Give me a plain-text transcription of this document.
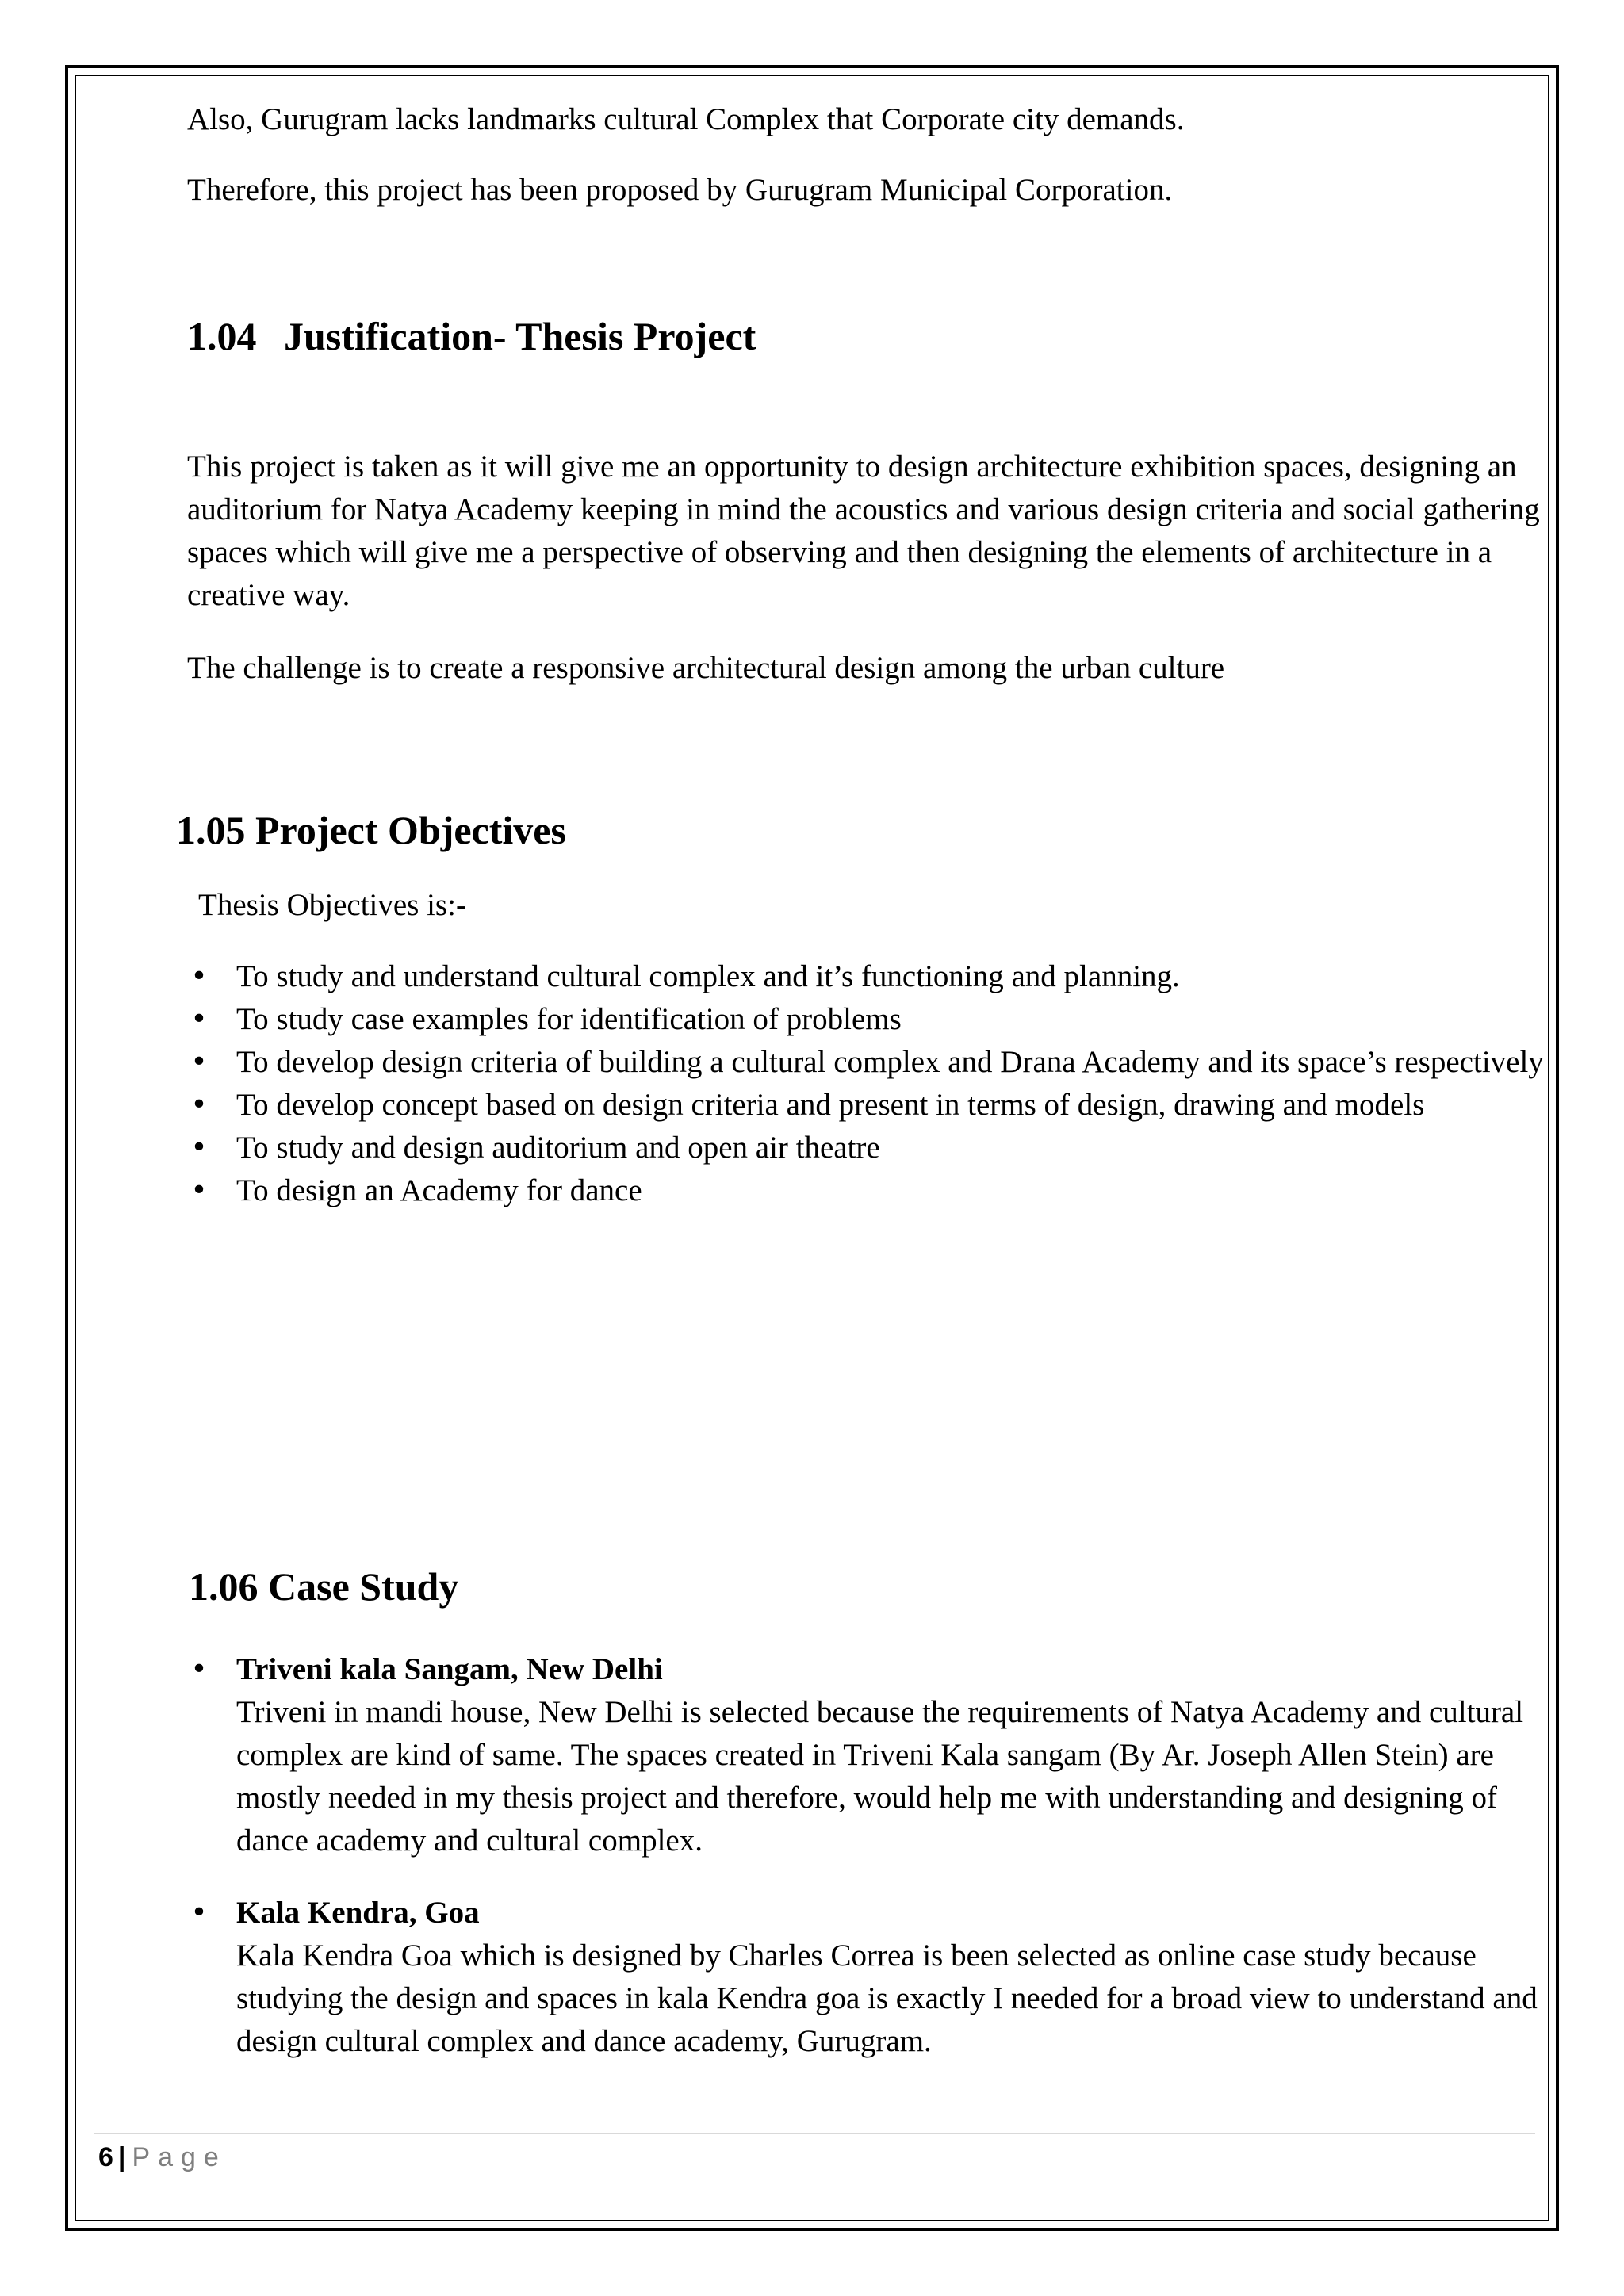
Also, Gurugram lacks landmarks cultural Complex that Corporate city demands.

Therefore, this project has been proposed by Gurugram Municipal Corporation.

1.04 Justification- Thesis Project

This project is taken as it will give me an opportunity to design architecture exhibition spaces, designing an auditorium for Natya Academy keeping in mind the acoustics and various design criteria and social gathering spaces which will give me a perspective of observing and then designing the elements of architecture in a creative way.

The challenge is to create a responsive architectural design among the urban culture

1.05 Project Objectives

Thesis Objectives is:-

• To study and understand cultural complex and it’s functioning and planning.
• To study case examples for identification of problems
• To develop design criteria of building a cultural complex and Drana Academy and its space’s respectively
• To develop concept based on design criteria and present in terms of design, drawing and models
• To study and design auditorium and open air theatre
• To design an Academy for dance
1.06 Case Study
• Triveni kala Sangam, New Delhi
Triveni in mandi house, New Delhi is selected because the requirements of Natya Academy and cultural complex are kind of same. The spaces created in Triveni Kala sangam (By Ar. Joseph Allen Stein) are mostly needed in my thesis project and therefore, would help me with understanding and designing of dance academy and cultural complex.
• Kala Kendra, Goa
Kala Kendra Goa which is designed by Charles Correa is been selected as online case study because studying the design and spaces in kala Kendra goa is exactly I needed for a broad view to understand and design cultural complex and dance academy, Gurugram.
6 | Page
